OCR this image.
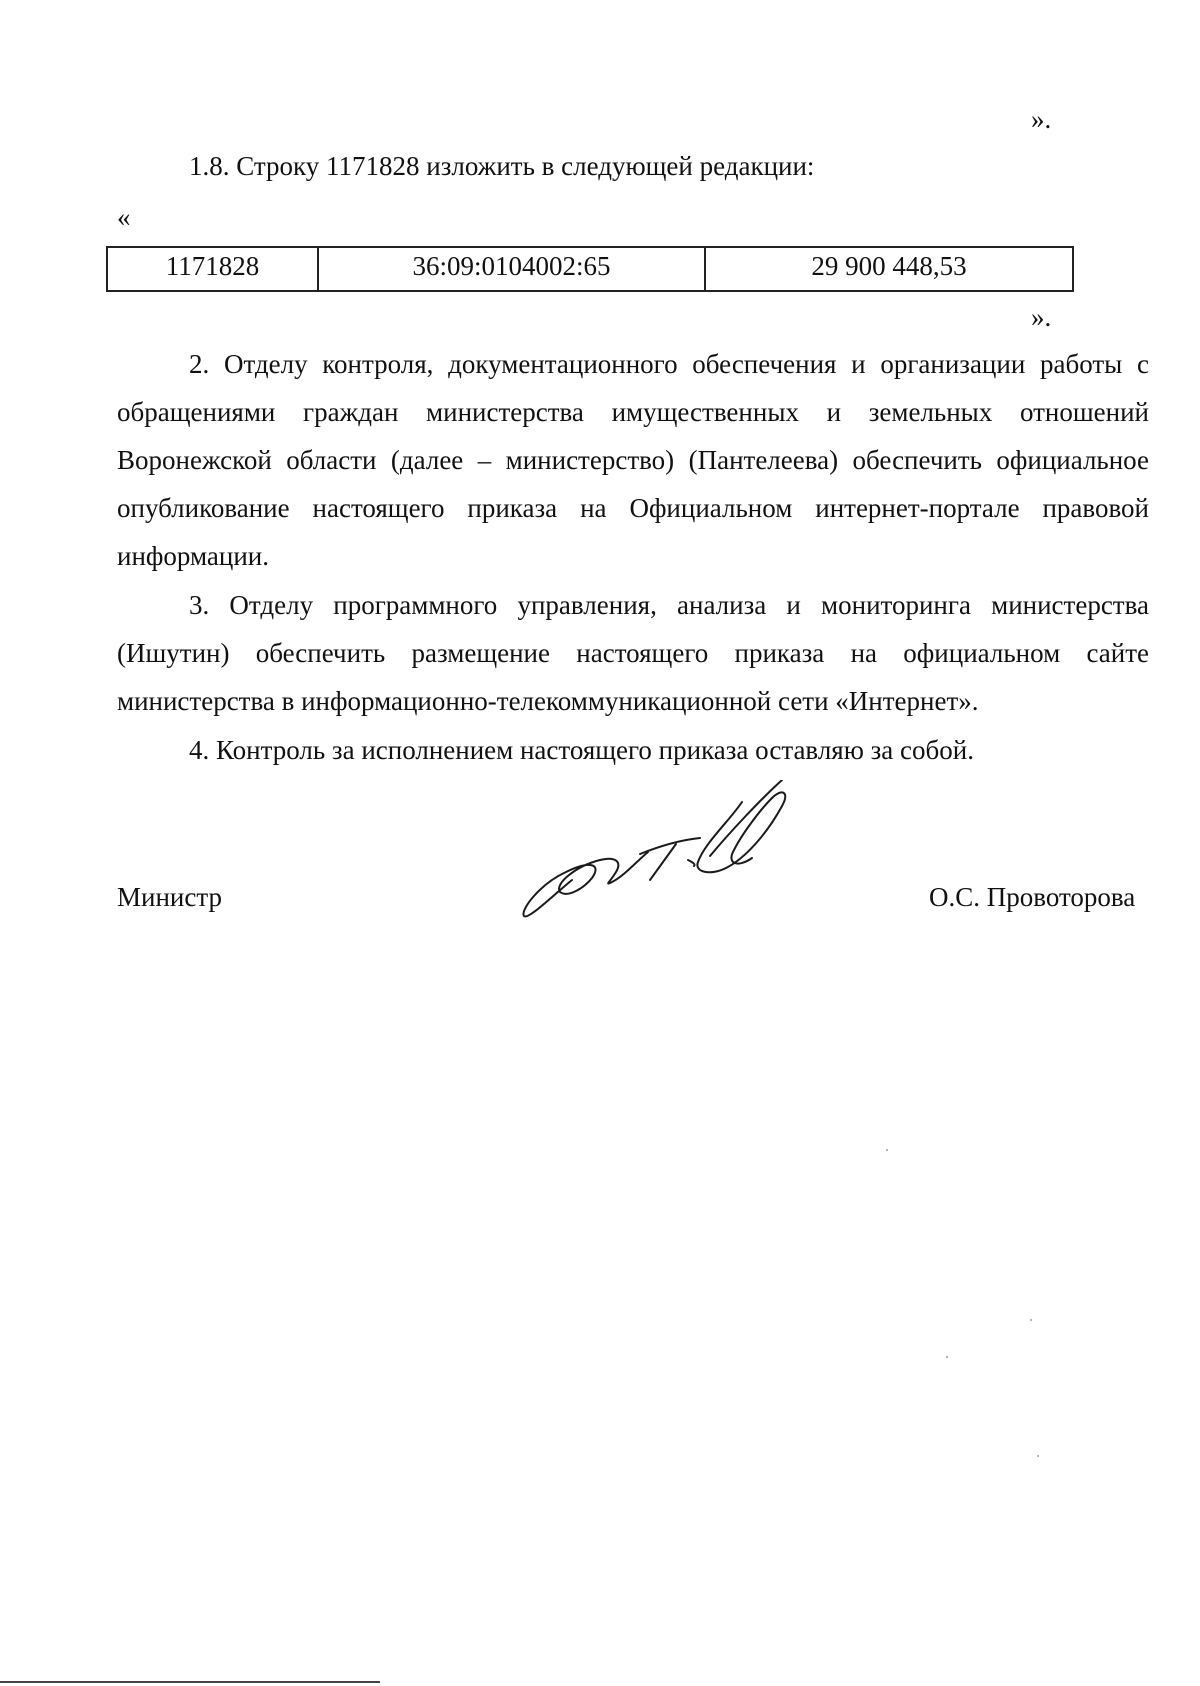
».
1.8. Строку 1171828 изложить в следующей редакции:
«
1171828	36:09:0104002:65	29 900 448,53
».

2. Отделу контроля, документационного обеспечения и организации работы с обращениями граждан министерства имущественных и земельных отношений Воронежской области (далее – министерство) (Пантелеева) обеспечить официальное опубликование настоящего приказа на Официальном интернет-портале правовой информации.

3. Отделу программного управления, анализа и мониторинга министерства (Ишутин) обеспечить размещение настоящего приказа на официальном сайте министерства в информационно-телекоммуникационной сети «Интернет».

4. Контроль за исполнением настоящего приказа оставляю за собой.

Министр	О.С. Провоторова
